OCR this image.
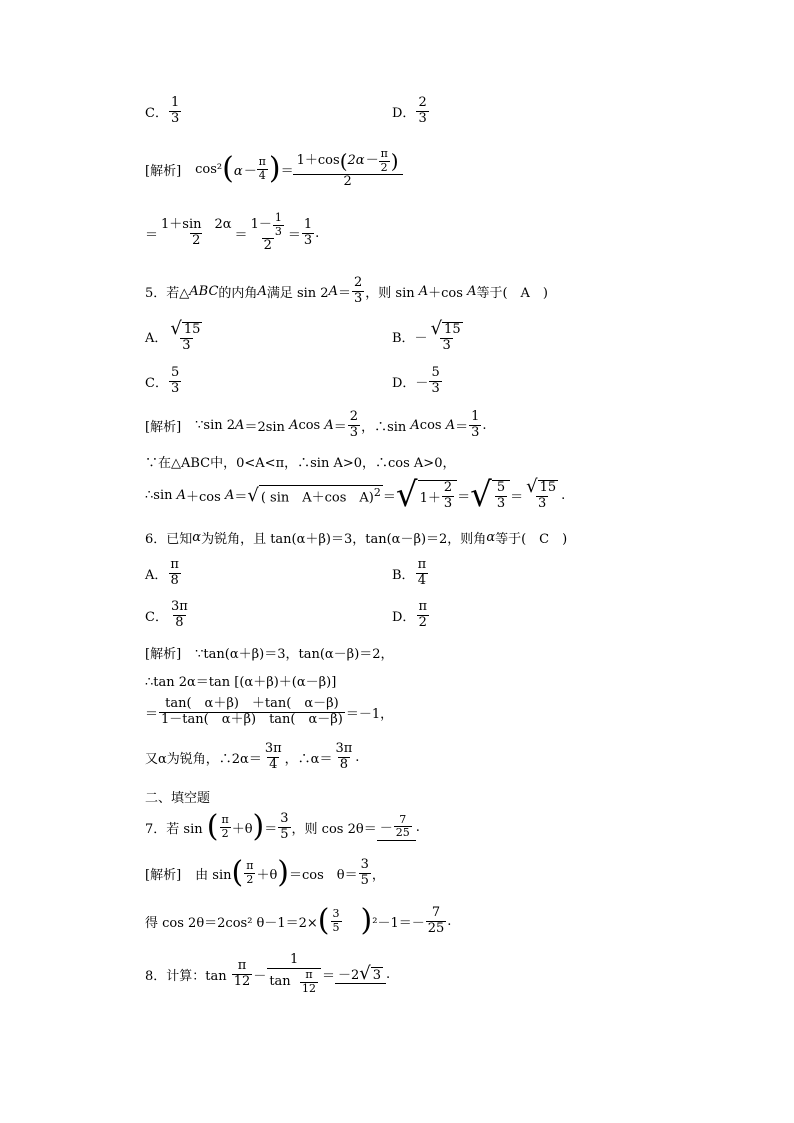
C． $\frac{1}{3}$	D． $\frac{2}{3}$
[解析] cos² ( $\alpha- \frac{\pi}{4}$ ) ＝ $\frac{1+\cos ( 2\alpha- \frac{\pi}{2} )}{2}$
＝ $\frac{1+\sin 2\alpha}{2} = \frac{1- \frac{1}{3}}{2} = \frac{1}{3}$ .
5．若△ ABC 的内角 A 满足 sin 2 $A = \frac{2}{3}$ ，则 sin
A ＋cos
A 等于(　A　)
A． $\frac{√ 15}{3}$	B．－ $\frac{√ 15}{3}$
C． $\frac{5}{3}$	D．－ $\frac{5}{3}$
[解析] ∵sin 2 A ＝2sin
A cos
$A = \frac{2}{3}$ ，∴sin
A cos
$A = \frac{1}{3}$ .
∵在△ABC中，0<A<π，∴sin A>0，∴cos A>0，
∴sin
A ＋cos
A ＝ √ ( sin　A＋cos　A)$^2$ ＝ √ $1+ \frac{2}{3}$ ＝ √ $\frac{5}{3} = \frac{√ 15}{3}$ .
6．已知 α 为锐角，且 tan(α＋β)＝3，tan(α－β)＝2，则角 α 等于(　C　)
A． $\frac{\pi}{8}$	B． $\frac{\pi}{4}$
C． $\frac{3\pi}{8}$	D． $\frac{\pi}{2}$
[解析] ∵tan(α＋β)＝3，tan(α－β)＝2，
∴tan 2α＝tan [(α＋β)＋(α－β)]
＝ $\frac{\tan( \alpha+\beta) +\tan( \alpha-\beta)}{1-\tan( \alpha+\beta) \tan( \alpha-\beta)} =-1$，
又α为锐角，∴2α＝ $\frac{3\pi}{4}$ ，∴α＝ $\frac{3\pi}{8}$ .
二、填空题
7．若 sin
( $\frac{\pi}{2} +\theta$ ) ＝ $\frac{3}{5}$ ，则 $\cos 2\theta= - \frac{7}{25}$ .
[解析] 由 sin ( $\frac{\pi}{2} +\theta$ ) ＝cos　$\theta= \frac{3}{5}$ ，
得 cos 2θ＝2cos² θ－1＝2× ( $\frac{3}{5}$ ) $^2-1=- \frac{7}{25}$ .
8．计算：tan
$\frac{\pi}{12} - 1$
tan
$\frac{\pi}{12} = -2$ √ 3 .
